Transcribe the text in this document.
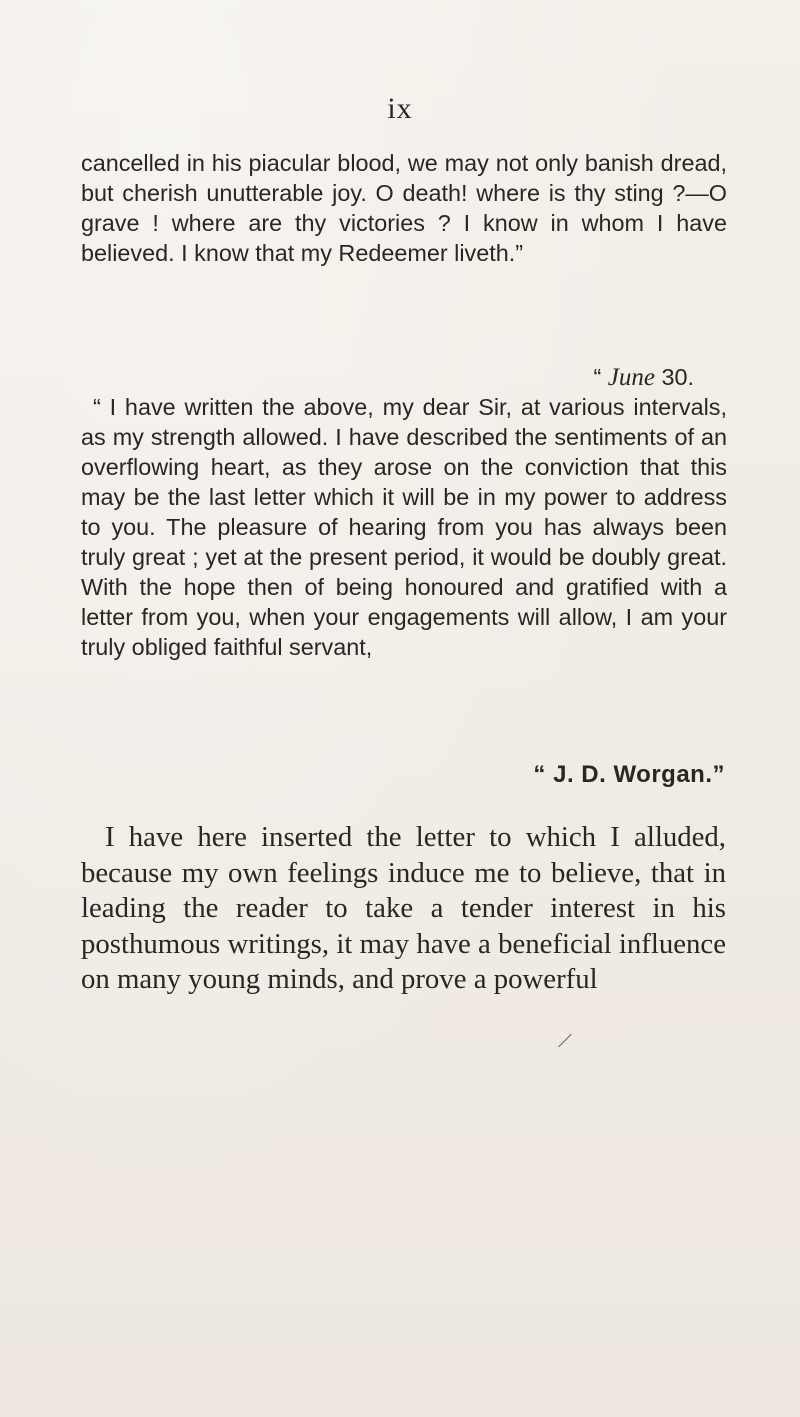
ix

cancelled in his piacular blood, we may not only banish dread, but cherish unutterable joy. O death! where is thy sting ?—O grave ! where are thy victories ? I know in whom I have believed. I know that my Redeemer liveth.”

“ June 30.

“ I have written the above, my dear Sir, at various intervals, as my strength allowed. I have described the sentiments of an overflowing heart, as they arose on the conviction that this may be the last letter which it will be in my power to address to you. The pleasure of hearing from you has always been truly great ; yet at the present period, it would be doubly great. With the hope then of being honoured and gratified with a letter from you, when your engagements will allow, I am your truly obliged faithful servant,

“ J. D. Worgan.”

I have here inserted the letter to which I alluded, because my own feelings induce me to believe, that in leading the reader to take a tender interest in his posthumous writings, it may have a beneficial influence on many young minds, and prove a powerful
